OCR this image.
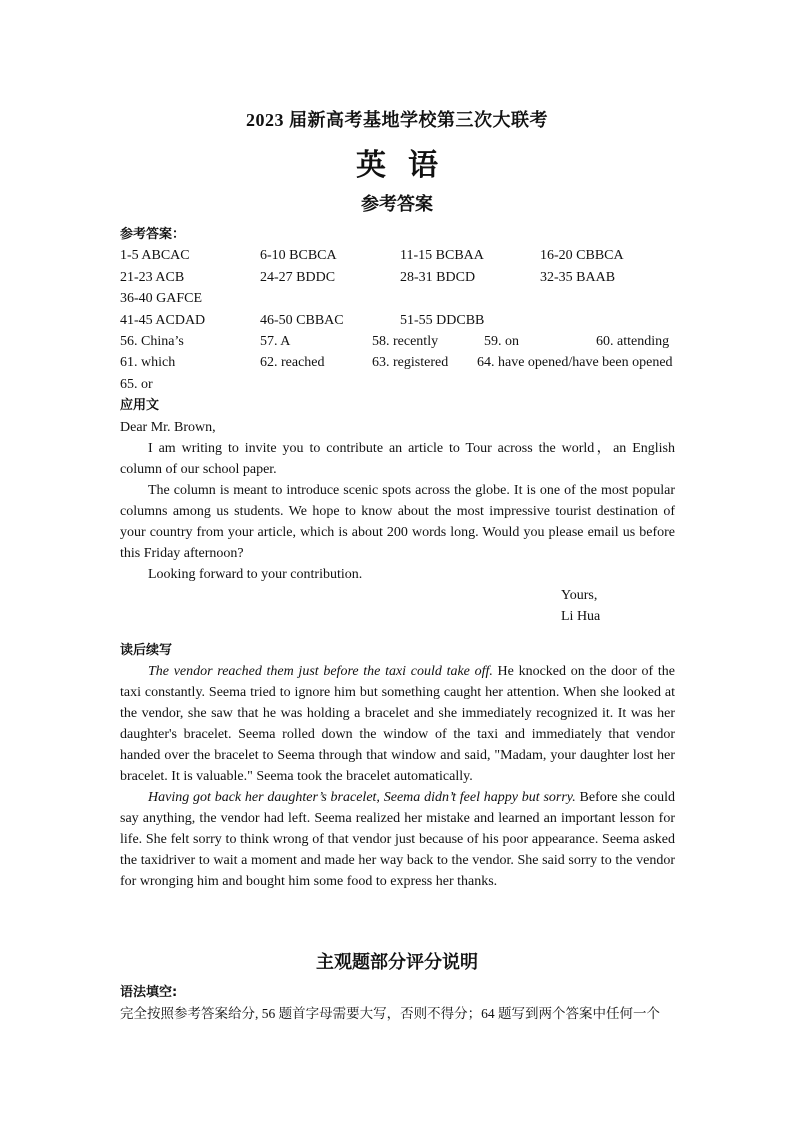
2023 届新高考基地学校第三次大联考
英语
参考答案
参考答案：
1-5 ABCAC	6-10 BCBCA	11-15 BCBAA	16-20 CBBCA
21-23 ACB	24-27 BDDC	28-31 BDCD	32-35 BAAB
36-40 GAFCE
41-45 ACDAD	46-50 CBBAC	51-55 DDCBB
56. China’s	57. A	58. recently	59. on	60. attending
61. which	62. reached	63. registered 64. have opened/have been opened
65. or
应用文
Dear Mr. Brown,

I am writing to invite you to contribute an article to Tour across the world，an English column of our school paper.

The column is meant to introduce scenic spots across the globe. It is one of the most popular columns among us students. We hope to know about the most impressive tourist destination of your country from your article, which is about 200 words long. Would you please email us before this Friday afternoon?

Looking forward to your contribution.

Yours,
Li Hua
读后续写

The vendor reached them just before the taxi could take off. He knocked on the door of the taxi constantly. Seema tried to ignore him but something caught her attention. When she looked at the vendor, she saw that he was holding a bracelet and she immediately recognized it. It was her daughter's bracelet. Seema rolled down the window of the taxi and immediately that vendor handed over the bracelet to Seema through that window and said, "Madam, your daughter lost her bracelet. It is valuable." Seema took the bracelet automatically.

Having got back her daughter’s bracelet, Seema didn’t feel happy but sorry. Before she could say anything, the vendor had left. Seema realized her mistake and learned an important lesson for life. She felt sorry to think wrong of that vendor just because of his poor appearance. Seema asked the taxidriver to wait a moment and made her way back to the vendor. She said sorry to the vendor for wronging him and bought him some food to express her thanks.

主观题部分评分说明
语法填空:
完全按照参考答案给分, 56 题首字母需要大写，否则不得分；64 题写到两个答案中任何一个
